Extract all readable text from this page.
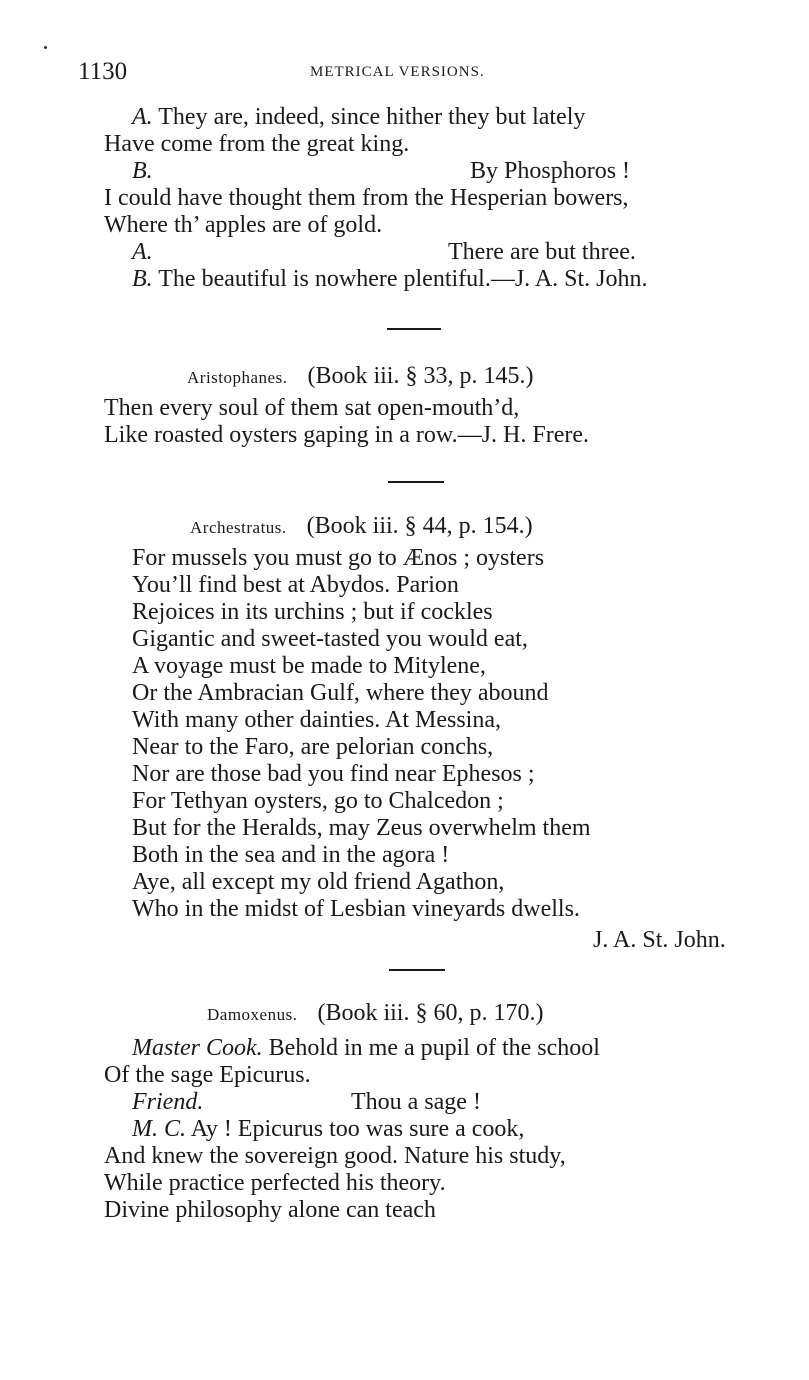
1130	METRICAL VERSIONS.
A. They are, indeed, since hither they but lately
Have come from the great king.
B.	By Phosphoros !
I could have thought them from the Hesperian bowers,
Where th’ apples are of gold.
A.	There are but three.
B. The beautiful is nowhere plentiful.—J. A. St. John.
Aristophanes. (Book iii. § 33, p. 145.)
Then every soul of them sat open-mouth’d,
Like roasted oysters gaping in a row.—J. H. Frere.
Archestratus. (Book iii. § 44, p. 154.)
For mussels you must go to Ænos ; oysters
You’ll find best at Abydos. Parion
Rejoices in its urchins ; but if cockles
Gigantic and sweet-tasted you would eat,
A voyage must be made to Mitylene,
Or the Ambracian Gulf, where they abound
With many other dainties. At Messina,
Near to the Faro, are pelorian conchs,
Nor are those bad you find near Ephesos ;
For Tethyan oysters, go to Chalcedon ;
But for the Heralds, may Zeus overwhelm them
Both in the sea and in the agora !
Aye, all except my old friend Agathon,
Who in the midst of Lesbian vineyards dwells.
J. A. St. John.
Damoxenus. (Book iii. § 60, p. 170.)
Master Cook. Behold in me a pupil of the school
Of the sage Epicurus.
Friend.	Thou a sage !
M. C. Ay ! Epicurus too was sure a cook,
And knew the sovereign good. Nature his study,
While practice perfected his theory.
Divine philosophy alone can teach
